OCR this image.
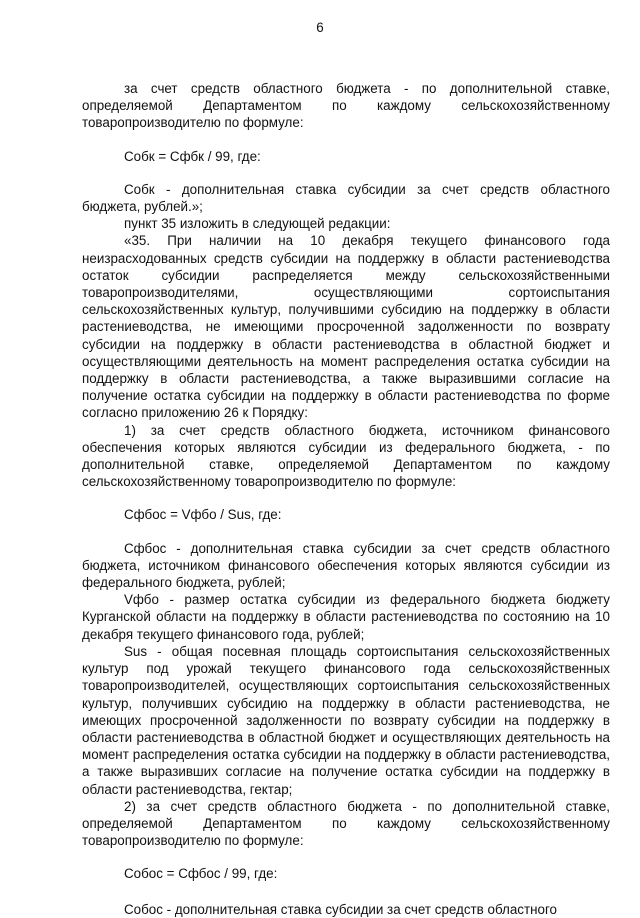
6

за счет средств областного бюджета - по дополнительной ставке, определяемой Департаментом по каждому сельскохозяйственному товаропроизводителю по формуле:

Собк = Сфбк / 99, где:

Собк - дополнительная ставка субсидии за счет средств областного бюджета, рублей.»;

пункт 35 изложить в следующей редакции:

«35. При наличии на 10 декабря текущего финансового года неизрасходованных средств субсидии на поддержку в области растениеводства остаток субсидии распределяется между сельскохозяйственными товаропроизводителями, осуществляющими сортоиспытания сельскохозяйственных культур, получившими субсидию на поддержку в области растениеводства, не имеющими просроченной задолженности по возврату субсидии на поддержку в области растениеводства в областной бюджет и осуществляющими деятельность на момент распределения остатка субсидии на поддержку в области растениеводства, а также выразившими согласие на получение остатка субсидии на поддержку в области растениеводства по форме согласно приложению 26 к Порядку:

1) за счет средств областного бюджета, источником финансового обеспечения которых являются субсидии из федерального бюджета, - по дополнительной ставке, определяемой Департаментом по каждому сельскохозяйственному товаропроизводителю по формуле:

Сфбос = Vфбо / Sus, где:

Сфбос - дополнительная ставка субсидии за счет средств областного бюджета, источником финансового обеспечения которых являются субсидии из федерального бюджета, рублей;

Vфбо - размер остатка субсидии из федерального бюджета бюджету Курганской области на поддержку в области растениеводства по состоянию на 10 декабря текущего финансового года, рублей;

Sus - общая посевная площадь сортоиспытания сельскохозяйственных культур под урожай текущего финансового года сельскохозяйственных товаропроизводителей, осуществляющих сортоиспытания сельскохозяйственных культур, получивших субсидию на поддержку в области растениеводства, не имеющих просроченной задолженности по возврату субсидии на поддержку в области растениеводства в областной бюджет и осуществляющих деятельность на момент распределения остатка субсидии на поддержку в области растениеводства, а также выразивших согласие на получение остатка субсидии на поддержку в области растениеводства, гектар;

2) за счет средств областного бюджета - по дополнительной ставке, определяемой Департаментом по каждому сельскохозяйственному товаропроизводителю по формуле:

Собос = Сфбос / 99, где:

Собос - дополнительная ставка субсидии за счет средств областного
